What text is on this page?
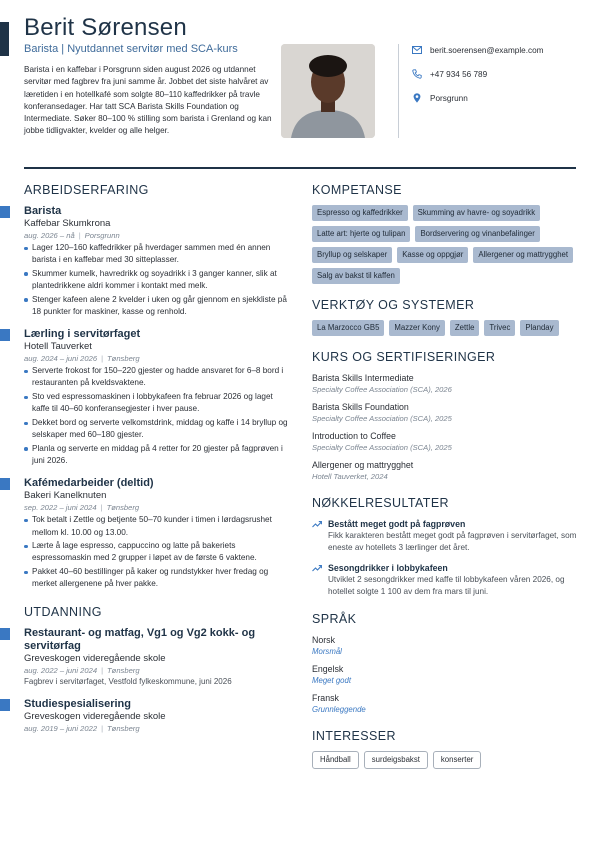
Berit Sørensen
Barista | Nyutdannet servitør med SCA-kurs

Barista i en kaffebar i Porsgrunn siden august 2026 og utdannet servitør med fagbrev fra juni samme år. Jobbet det siste halvåret av læretiden i en hotellkafé som solgte 80–110 kaffedrikker på travle konferansedager. Har tatt SCA Barista Skills Foundation og Intermediate. Søker 80–100 % stilling som barista i Grenland og kan jobbe tidligvakter, kvelder og alle helger.

berit.soerensen@example.com
+47 934 56 789
Porsgrunn
ARBEIDSERFARING
Barista
Kaffebar Skumkrona
aug. 2026 – nå | Porsgrunn
Lager 120–160 kaffedrikker på hverdager sammen med én annen barista i en kaffebar med 30 sitteplasser.
Skummer kumelk, havredrikk og soyadrikk i 3 ganger kanner, slik at plantedrikkene aldri kommer i kontakt med melk.
Stenger kafeen alene 2 kvelder i uken og går gjennom en sjekkliste på 18 punkter for maskiner, kasse og renhold.
Lærling i servitørfaget
Hotell Tauverket
aug. 2024 – juni 2026 | Tønsberg
Serverte frokost for 150–220 gjester og hadde ansvaret for 6–8 bord i restauranten på kveldsvaktene.
Sto ved espressomaskinen i lobbykafeen fra februar 2026 og laget kaffe til 40–60 konferansegjester i hver pause.
Dekket bord og serverte velkomstdrink, middag og kaffe i 14 bryllup og selskaper med 60–180 gjester.
Planla og serverte en middag på 4 retter for 20 gjester på fagprøven i juni 2026.
Kafémedarbeider (deltid)
Bakeri Kanelknuten
sep. 2022 – juni 2024 | Tønsberg
Tok betalt i Zettle og betjente 50–70 kunder i timen i lørdagsrushet mellom kl. 10.00 og 13.00.
Lærte å lage espresso, cappuccino og latte på bakeriets espressomaskin med 2 grupper i løpet av de første 6 vaktene.
Pakket 40–60 bestillinger på kaker og rundstykker hver fredag og merket allergenene på hver pakke.
UTDANNING
Restaurant- og matfag, Vg1 og Vg2 kokk- og servitørfag
Greveskogen videregående skole
aug. 2022 – juni 2024 | Tønsberg
Fagbrev i servitørfaget, Vestfold fylkeskommune, juni 2026
Studiespesialisering
Greveskogen videregående skole
aug. 2019 – juni 2022 | Tønsberg
KOMPETANSE
Espresso og kaffedrikker	Skumming av havre- og soyadrikk
Latte art: hjerte og tulipan	Bordservering og vinanbefalinger
Bryllup og selskaper	Kasse og oppgjør	Allergener og mattrygghet
Salg av bakst til kaffen
VERKTØY OG SYSTEMER
La Marzocco GB5	Mazzer Kony	Zettle	Trivec	Planday
KURS OG SERTIFISERINGER
Barista Skills Intermediate
Specialty Coffee Association (SCA), 2026
Barista Skills Foundation
Specialty Coffee Association (SCA), 2025
Introduction to Coffee
Specialty Coffee Association (SCA), 2025
Allergener og mattrygghet
Hotell Tauverket, 2024
NØKKELRESULTATER
Bestått meget godt på fagprøven
Fikk karakteren bestått meget godt på fagprøven i servitørfaget, som eneste av hotellets 3 lærlinger det året.
Sesongdrikker i lobbykafeen
Utviklet 2 sesongdrikker med kaffe til lobbykafeen våren 2026, og hotellet solgte 1 100 av dem fra mars til juni.
SPRÅK
Norsk
Morsmål
Engelsk
Meget godt
Fransk
Grunnleggende
INTERESSER
Håndball	surdeigsbakst	konserter
